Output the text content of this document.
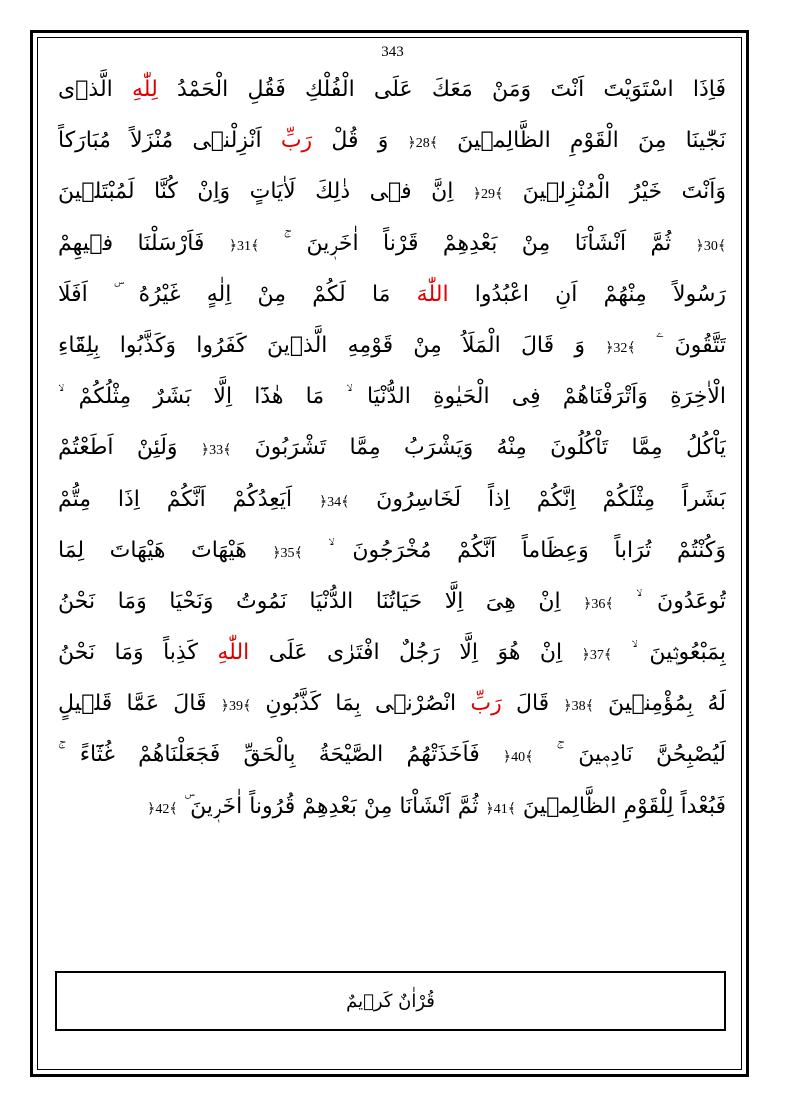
343
فَاِذَا اسْتَوَيْتَ اَنْتَ وَمَنْ مَعَكَ عَلَى الْفُلْكِ فَقُلِ الْحَمْدُ لِلّٰهِ الَّذٖى
نَجّٰينَا مِنَ الْقَوْمِ الظَّالِمٖينَ ﴿28﴾ وَ قُلْ رَبِّ اَنْزِلْنٖى مُنْزَلاً مُبَارَكاً
وَاَنْتَ خَيْرُ الْمُنْزِلٖينَ ﴿29﴾ اِنَّ فٖى ذٰلِكَ لَاٰيَاتٍ وَاِنْ كُنَّا لَمُبْتَلٖينَ
﴿30﴾ ثُمَّ اَنْشَاْنَا مِنْ بَعْدِهِمْ قَرْناً اٰخَرٖينَ ﴿31﴾ فَاَرْسَلْنَا فٖيهِمْ
رَسُولاً مِنْهُمْ اَنِ اعْبُدُوا اللّٰهَ مَا لَكُمْ مِنْ اِلٰهٍ غَيْرُهُ اَفَلَا
تَتَّقُونَ ﴿32﴾ وَ قَالَ الْمَلَاُ مِنْ قَوْمِهِ الَّذٖينَ كَفَرُوا وَكَذَّبُوا بِلِقَٓاءِ
الْاٰخِرَةِ وَاَتْرَفْنَاهُمْ فِى الْحَيٰوةِ الدُّنْيَا مَا هٰذَٓا اِلَّا بَشَرٌ مِثْلُكُمْ
يَاْكُلُ مِمَّا تَاْكُلُونَ مِنْهُ وَيَشْرَبُ مِمَّا تَشْرَبُونَ ﴿33﴾ وَلَئِنْ اَطَعْتُمْ
بَشَراً مِثْلَكُمْ اِنَّكُمْ اِذاً لَخَاسِرُونَ ﴿34﴾ اَيَعِدُكُمْ اَنَّكُمْ اِذَا مِتُّمْ
وَكُنْتُمْ تُرَاباً وَعِظَاماً اَنَّكُمْ مُخْرَجُونَ ﴿35﴾ هَيْهَاتَ هَيْهَاتَ لِمَا
تُوعَدُونَ ﴿36﴾ اِنْ هِىَ اِلَّا حَيَاتُنَا الدُّنْيَا نَمُوتُ وَنَحْيَا وَمَا نَحْنُ
بِمَبْعُوثٖينَ ﴿37﴾ اِنْ هُوَ اِلَّا رَجُلٌ افْتَرٰى عَلَى اللّٰهِ كَذِباً وَمَا نَحْنُ
لَهُ بِمُؤْمِنٖينَ ﴿38﴾ قَالَ رَبِّ انْصُرْنٖى بِمَا كَذَّبُونِ ﴿39﴾ قَالَ عَمَّا قَلٖيلٍ
لَيُصْبِحُنَّ نَادِمٖينَ ﴿40﴾ فَاَخَذَتْهُمُ الصَّيْحَةُ بِالْحَقِّ فَجَعَلْنَاهُمْ غُثَٓاءً
فَبُعْداً لِلْقَوْمِ الظَّالِمٖينَ ﴿41﴾ ثُمَّ اَنْشَاْنَا مِنْ بَعْدِهِمْ قُرُوناً اٰخَرٖينَ ﴿42﴾
قُرْاٰنٌ كَرٖيمٌ
